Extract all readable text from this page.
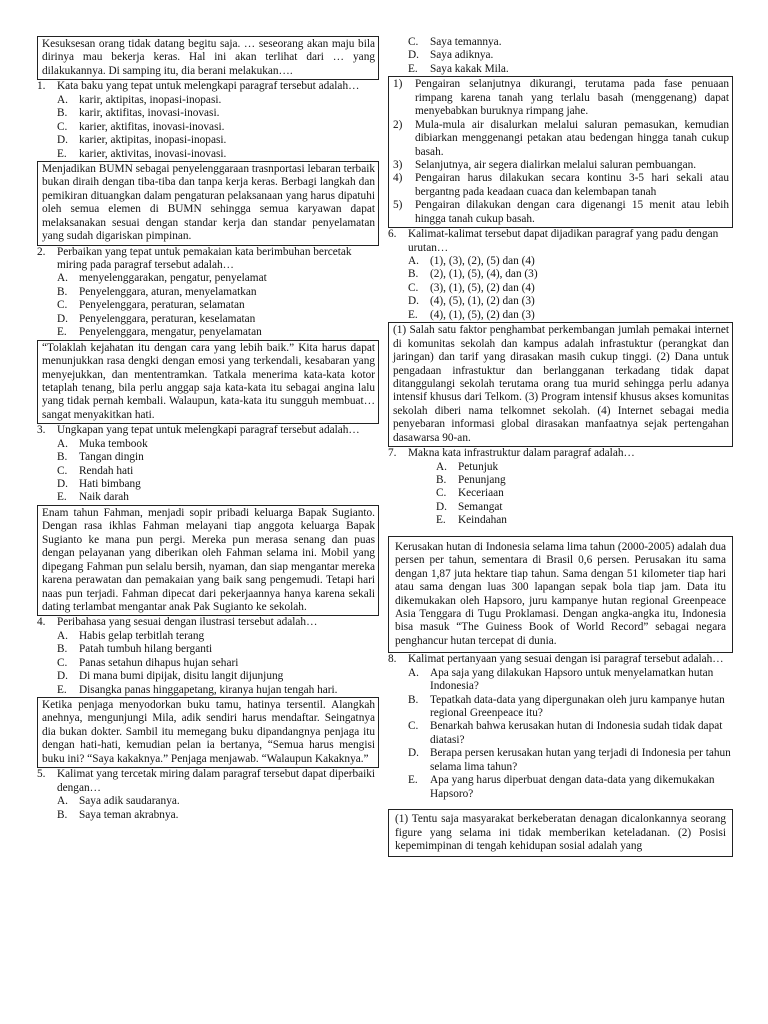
Kesuksesan orang tidak datang begitu saja. … seseorang akan maju bila dirinya mau bekerja keras. Hal ini akan terlihat dari … yang dilakukannya. Di samping itu, dia berani melakukan….

1.	Kata baku yang tepat untuk melengkapi paragraf tersebut adalah…
A. karir, aktipitas, inopasi-inopasi.
B.	karir, aktifitas, inovasi-inovasi.
C.	karier, aktifitas, inovasi-inovasi.
D. karier, aktipitas, inopasi-inopasi.
E.	karier, aktivitas, inovasi-inovasi.

Menjadikan BUMN sebagai penyelenggaraan trasnportasi lebaran terbaik bukan diraih dengan tiba-tiba dan tanpa kerja keras. Berbagi langkah dan pemikiran dituangkan dalam pengaturan pelaksanaan yang harus dipatuhi oleh semua elemen di BUMN sehingga semua karyawan dapat melaksanakan sesuai dengan standar kerja dan standar penyelamatan yang sudah digariskan pimpinan.

2.	Perbaikan yang tepat untuk pemakaian kata berimbuhan bercetak miring pada paragraf tersebut adalah…
A. menyelenggarakan, pengatur, penyelamat
B.	Penyelenggara, aturan, menyelamatkan
C.	Penyelenggara, peraturan, selamatan
D. Penyelenggara, peraturan, keselamatan
E.	Penyelenggara, mengatur, penyelamatan

“Tolaklah kejahatan itu dengan cara yang lebih baik.” Kita harus dapat menunjukkan rasa dengki dengan emosi yang terkendali, kesabaran yang menyejukkan, dan mententramkan. Tatkala menerima kata-kata kotor tetaplah tenang, bila perlu anggap saja kata-kata itu sebagai angina lalu yang tidak pernah kembali. Walaupun, kata-kata itu sungguh membuat…sangat menyakitkan hati.

3.	Ungkapan yang tepat untuk melengkapi paragraf tersebut adalah…
A. Muka tembook
B.	Tangan dingin
C.	Rendah hati
D. Hati bimbang
E.	Naik darah

Enam tahun Fahman, menjadi sopir pribadi keluarga Bapak Sugianto. Dengan rasa ikhlas Fahman melayani tiap anggota keluarga Bapak Sugianto ke mana pun pergi. Mereka pun merasa senang dan puas dengan pelayanan yang diberikan oleh Fahman selama ini. Mobil yang dipegang Fahman pun selalu bersih, nyaman, dan siap mengantar mereka karena perawatan dan pemakaian yang baik sang pengemudi. Tetapi hari naas pun terjadi. Fahman dipecat dari pekerjaannya hanya karena sekali dating terlambat mengantar anak Pak Sugianto ke sekolah.

4.	Peribahasa yang sesuai dengan ilustrasi tersebut adalah…
A. Habis gelap terbitlah terang
B.	Patah tumbuh hilang berganti
C.	Panas setahun dihapus hujan sehari
D. Di mana bumi dipijak, disitu langit dijunjung
E.	Disangka panas hinggapetang, kiranya hujan tengah hari.

Ketika penjaga menyodorkan buku tamu, hatinya tersentil. Alangkah anehnya, mengunjungi Mila, adik sendiri harus mendaftar. Seingatnya dia bukan dokter. Sambil itu memegang buku dipandangnya penjaga itu dengan hati-hati, kemudian pelan ia bertanya, “Semua harus mengisi buku ini? “Saya kakaknya.” Penjaga menjawab. “Walaupun Kakaknya.”

5.	Kalimat yang tercetak miring dalam paragraf tersebut dapat diperbaiki dengan…
A. Saya adik saudaranya.
B.	Saya teman akrabnya.
C.	Saya temannya.
D. Saya adiknya.
E.	Saya kakak Mila.
1)	Pengairan selanjutnya dikurangi, terutama pada fase penuaan rimpang karena tanah yang terlalu basah (menggenang) dapat menyebabkan buruknya rimpang jahe.
2)	Mula-mula air disalurkan melalui saluran pemasukan, kemudian dibiarkan menggenangi petakan atau bedengan hingga tanah cukup basah.
3)	Selanjutnya, air segera dialirkan melalui saluran pembuangan.
4)	Pengairan harus dilakukan secara kontinu 3-5 hari sekali atau bergantng pada keadaan cuaca dan kelembapan tanah
5)	Pengairan dilakukan dengan cara digenangi 15 menit atau lebih hingga tanah cukup basah.
6.	Kalimat-kalimat tersebut dapat dijadikan paragraf yang padu dengan urutan…
A. (1), (3), (2), (5) dan (4)
B.	(2), (1), (5), (4), dan (3)
C.	(3), (1), (5), (2) dan (4)
D. (4), (5), (1), (2) dan (3)
E.	(4), (1), (5), (2) dan (3)

(1) Salah satu faktor penghambat perkembangan jumlah pemakai internet di komunitas sekolah dan kampus adalah infrastuktur (perangkat dan jaringan) dan tarif yang dirasakan masih cukup tinggi. (2) Dana untuk pengadaan infrastuktur dan berlangganan terkadang tidak dapat ditanggulangi sekolah terutama orang tua murid sehingga perlu adanya intensif khusus dari Telkom. (3) Program intensif khusus akses komunitas sekolah diberi nama telkomnet sekolah. (4) Internet sebagai media penyebaran informasi global dirasakan manfaatnya sejak pertengahan dasawarsa 90-an.

7.	Makna kata infrastruktur dalam paragraf adalah…
A. Petunjuk
B.	Penunjang
C.	Keceriaan
D. Semangat
E.	Keindahan

Kerusakan hutan di Indonesia selama lima tahun (2000-2005) adalah dua persen per tahun, sementara di Brasil 0,6 persen. Perusakan itu sama dengan 1,87 juta hektare tiap tahun. Sama dengan 51 kilometer tiap hari atau sama dengan luas 300 lapangan sepak bola tiap jam. Data itu dikemukakan oleh Hapsoro, juru kampanye hutan regional Greenpeace Asia Tenggara di Tugu Proklamasi. Dengan angka-angka itu, Indonesia bisa masuk “The Guiness Book of World Record” sebagai negara penghancur hutan tercepat di dunia.

8.	Kalimat pertanyaan yang sesuai dengan isi paragraf tersebut adalah…
A. Apa saja yang dilakukan Hapsoro untuk menyelamatkan hutan Indonesia?
B.	Tepatkah data-data yang dipergunakan oleh juru kampanye hutan regional Greenpeace itu?
C.	Benarkah bahwa kerusakan hutan di Indonesia sudah tidak dapat diatasi?
D. Berapa persen kerusakan hutan yang terjadi di Indonesia per tahun selama lima tahun?
E.	Apa yang harus diperbuat dengan data-data yang dikemukakan Hapsoro?

(1) Tentu saja masyarakat berkeberatan denagan dicalonkannya seorang figure yang selama ini tidak memberikan keteladanan. (2) Posisi kepemimpinan di tengah kehidupan sosial adalah yang
